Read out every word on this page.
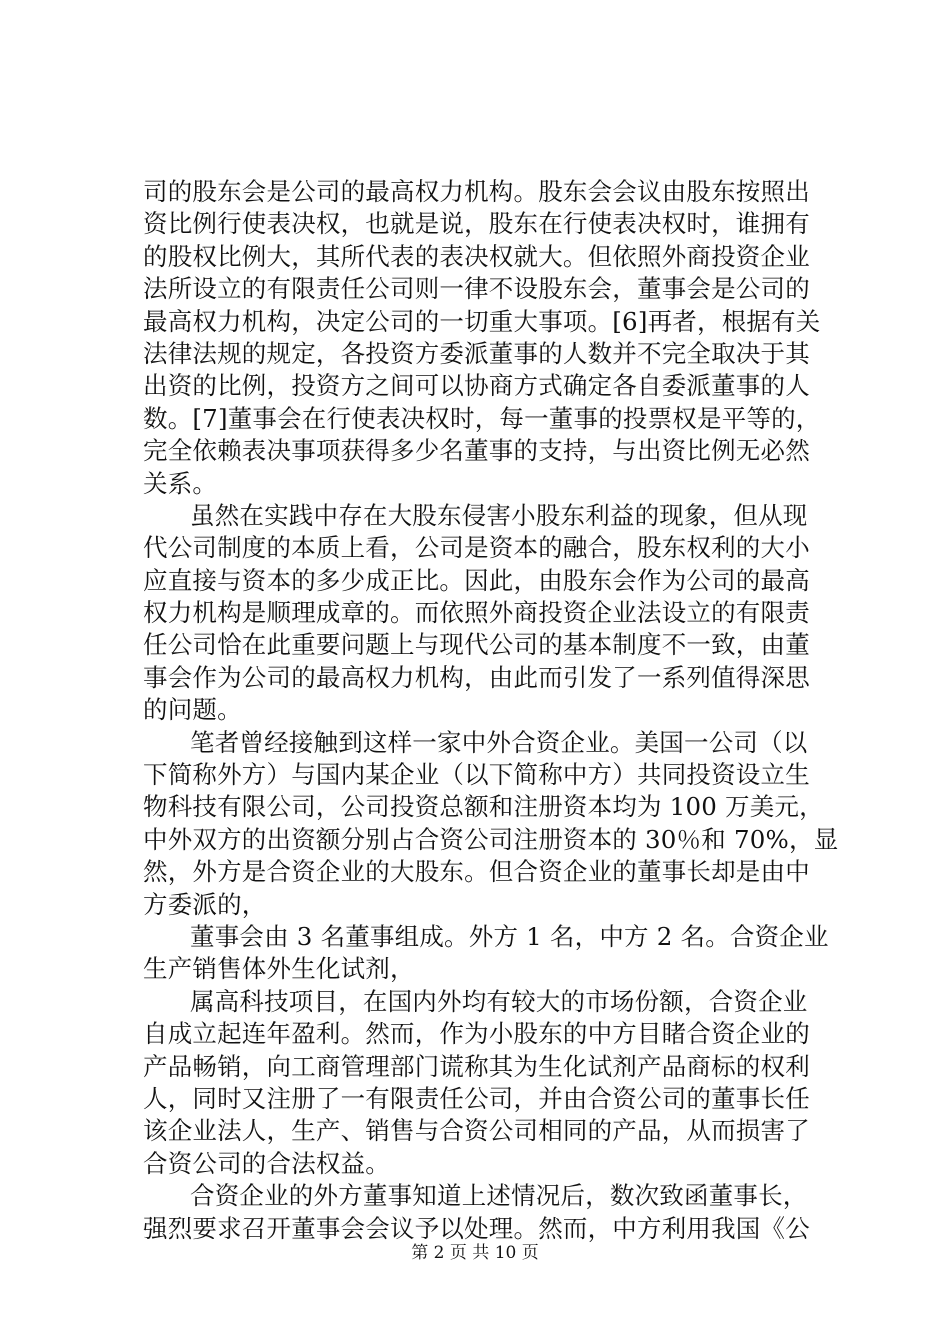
司的股东会是公司的最高权力机构。股东会会议由股东按照出
资比例行使表决权，也就是说，股东在行使表决权时，谁拥有
的股权比例大，其所代表的表决权就大。但依照外商投资企业
法所设立的有限责任公司则一律不设股东会，董事会是公司的
最高权力机构，决定公司的一切重大事项。[6]再者，根据有关
法律法规的规定，各投资方委派董事的人数并不完全取决于其
出资的比例，投资方之间可以协商方式确定各自委派董事的人
数。[7]董事会在行使表决权时，每一董事的投票权是平等的，
完全依赖表决事项获得多少名董事的支持，与出资比例无必然
关系。
虽然在实践中存在大股东侵害小股东利益的现象，但从现
代公司制度的本质上看，公司是资本的融合，股东权利的大小
应直接与资本的多少成正比。因此，由股东会作为公司的最高
权力机构是顺理成章的。而依照外商投资企业法设立的有限责
任公司恰在此重要问题上与现代公司的基本制度不一致，由董
事会作为公司的最高权力机构，由此而引发了一系列值得深思
的问题。
笔者曾经接触到这样一家中外合资企业。美国一公司（以
下简称外方）与国内某企业（以下简称中方）共同投资设立生
物科技有限公司，公司投资总额和注册资本均为 100 万美元，
中外双方的出资额分别占合资公司注册资本的 30％和 70%，显
然，外方是合资企业的大股东。但合资企业的董事长却是由中
方委派的，
董事会由 3 名董事组成。外方 1 名，中方 2 名。合资企业
生产销售体外生化试剂，
属高科技项目，在国内外均有较大的市场份额，合资企业
自成立起连年盈利。然而，作为小股东的中方目睹合资企业的
产品畅销，向工商管理部门谎称其为生化试剂产品商标的权利
人，同时又注册了一有限责任公司，并由合资公司的董事长任
该企业法人，生产、销售与合资公司相同的产品，从而损害了
合资公司的合法权益。
合资企业的外方董事知道上述情况后，数次致函董事长，
强烈要求召开董事会会议予以处理。然而，中方利用我国《公
第 2 页 共 10 页
